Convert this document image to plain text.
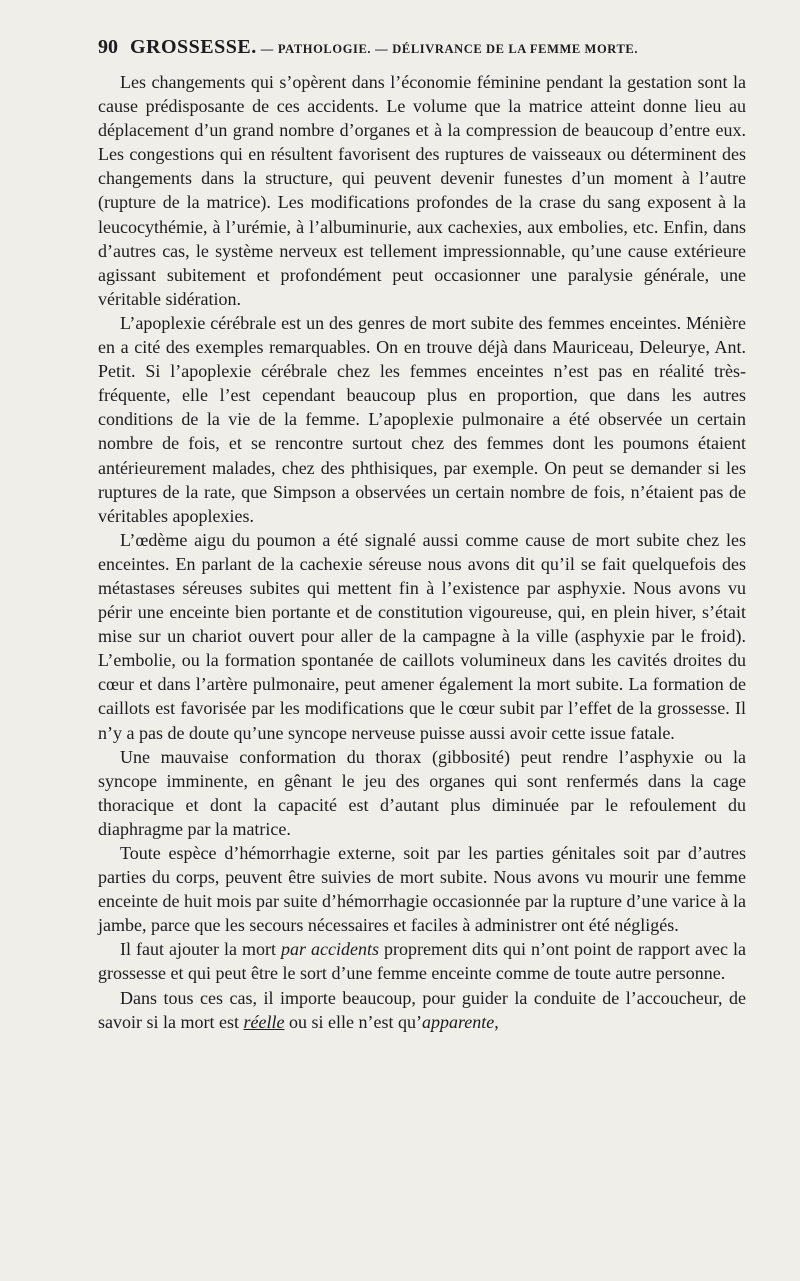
90 GROSSESSE. — PATHOLOGIE. — DÉLIVRANCE DE LA FEMME MORTE.

Les changements qui s’opèrent dans l’économie féminine pendant la gestation sont la cause prédisposante de ces accidents. Le volume que la matrice atteint donne lieu au déplacement d’un grand nombre d’organes et à la compression de beaucoup d’entre eux. Les congestions qui en résultent favorisent des ruptures de vaisseaux ou déterminent des changements dans la structure, qui peuvent devenir funestes d’un moment à l’autre (rupture de la matrice). Les modifications profondes de la crase du sang exposent à la leucocythémie, à l’urémie, à l’albuminurie, aux cachexies, aux embolies, etc. Enfin, dans d’autres cas, le système nerveux est tellement impressionnable, qu’une cause extérieure agissant subitement et profondément peut occasionner une paralysie générale, une véritable sidération.

L’apoplexie cérébrale est un des genres de mort subite des femmes enceintes. Ménière en a cité des exemples remarquables. On en trouve déjà dans Mauriceau, Deleurye, Ant. Petit. Si l’apoplexie cérébrale chez les femmes enceintes n’est pas en réalité très-fréquente, elle l’est cependant beaucoup plus en proportion, que dans les autres conditions de la vie de la femme. L’apoplexie pulmonaire a été observée un certain nombre de fois, et se rencontre surtout chez des femmes dont les poumons étaient antérieurement malades, chez des phthisiques, par exemple. On peut se demander si les ruptures de la rate, que Simpson a observées un certain nombre de fois, n’étaient pas de véritables apoplexies.

L’œdème aigu du poumon a été signalé aussi comme cause de mort subite chez les enceintes. En parlant de la cachexie séreuse nous avons dit qu’il se fait quelquefois des métastases séreuses subites qui mettent fin à l’existence par asphyxie. Nous avons vu périr une enceinte bien portante et de constitution vigoureuse, qui, en plein hiver, s’était mise sur un chariot ouvert pour aller de la campagne à la ville (asphyxie par le froid). L’embolie, ou la formation spontanée de caillots volumineux dans les cavités droites du cœur et dans l’artère pulmonaire, peut amener également la mort subite. La formation de caillots est favorisée par les modifications que le cœur subit par l’effet de la grossesse. Il n’y a pas de doute qu’une syncope nerveuse puisse aussi avoir cette issue fatale.

Une mauvaise conformation du thorax (gibbosité) peut rendre l’asphyxie ou la syncope imminente, en gênant le jeu des organes qui sont renfermés dans la cage thoracique et dont la capacité est d’autant plus diminuée par le refoulement du diaphragme par la matrice.

Toute espèce d’hémorrhagie externe, soit par les parties génitales soit par d’autres parties du corps, peuvent être suivies de mort subite. Nous avons vu mourir une femme enceinte de huit mois par suite d’hémorrhagie occasionnée par la rupture d’une varice à la jambe, parce que les secours nécessaires et faciles à administrer ont été négligés.

Il faut ajouter la mort par accidents proprement dits qui n’ont point de rapport avec la grossesse et qui peut être le sort d’une femme enceinte comme de toute autre personne.

Dans tous ces cas, il importe beaucoup, pour guider la conduite de l’accoucheur, de savoir si la mort est réelle ou si elle n’est qu’apparente,
